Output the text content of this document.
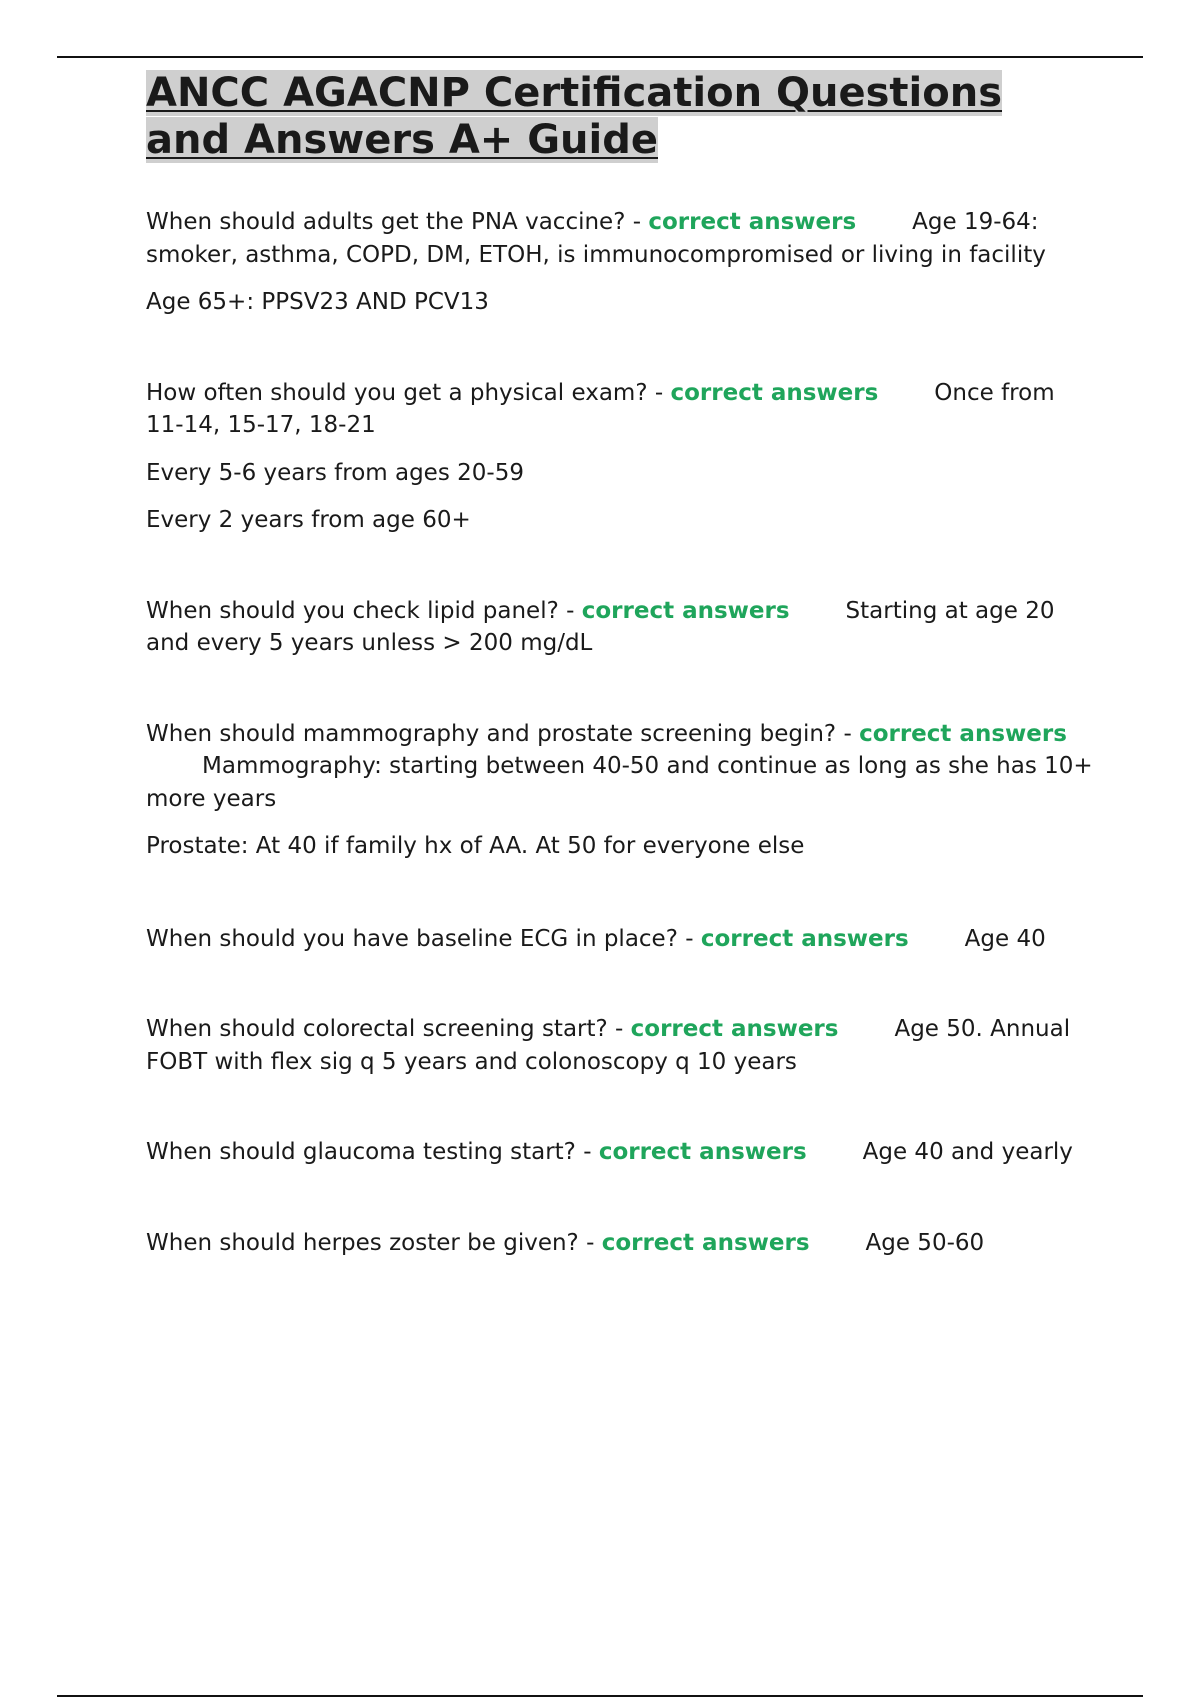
ANCC AGACNP Certification Questions
and Answers A+ Guide

When should adults get the PNA vaccine? - correct answers Age 19-64: smoker, asthma, COPD, DM, ETOH, is immunocompromised or living in facility

Age 65+: PPSV23 AND PCV13

How often should you get a physical exam? - correct answers Once from 11-14, 15-17, 18-21

Every 5-6 years from ages 20-59

Every 2 years from age 60+

When should you check lipid panel? - correct answers Starting at age 20 and every 5 years unless > 200 mg/dL

When should mammography and prostate screening begin? - correct answersMammography: starting between 40-50 and continue as long as she has 10+ more years

Prostate: At 40 if family hx of AA. At 50 for everyone else

When should you have baseline ECG in place? - correct answers Age 40

When should colorectal screening start? - correct answers Age 50. Annual FOBT with flex sig q 5 years and colonoscopy q 10 years

When should glaucoma testing start? - correct answers Age 40 and yearly

When should herpes zoster be given? - correct answers Age 50-60
